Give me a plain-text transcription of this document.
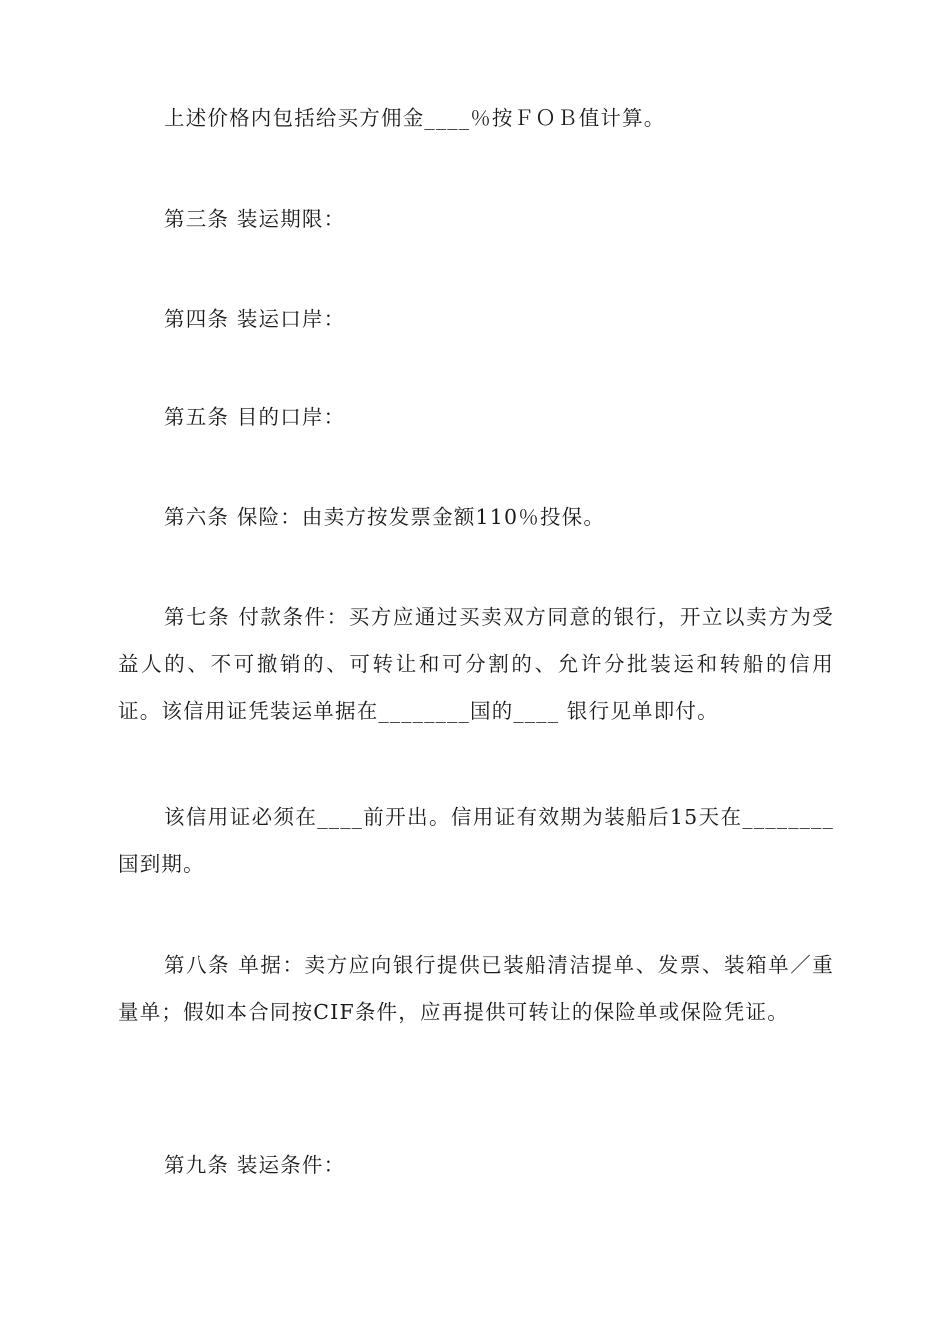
上述价格内包括给买方佣金____％按ＦＯＢ值计算。

第三条 装运期限：

第四条 装运口岸：

第五条 目的口岸：

第六条 保险：由卖方按发票金额110％投保。

第七条 付款条件：买方应通过买卖双方同意的银行，开立以卖方为受益人的、不可撤销的、可转让和可分割的、允许分批装运和转船的信用证。该信用证凭装运单据在________国的____ 银行见单即付。

该信用证必须在____前开出。信用证有效期为装船后15天在________国到期。

第八条 单据：卖方应向银行提供已装船清洁提单、发票、装箱单／重量单；假如本合同按CIF条件，应再提供可转让的保险单或保险凭证。

第九条 装运条件：
